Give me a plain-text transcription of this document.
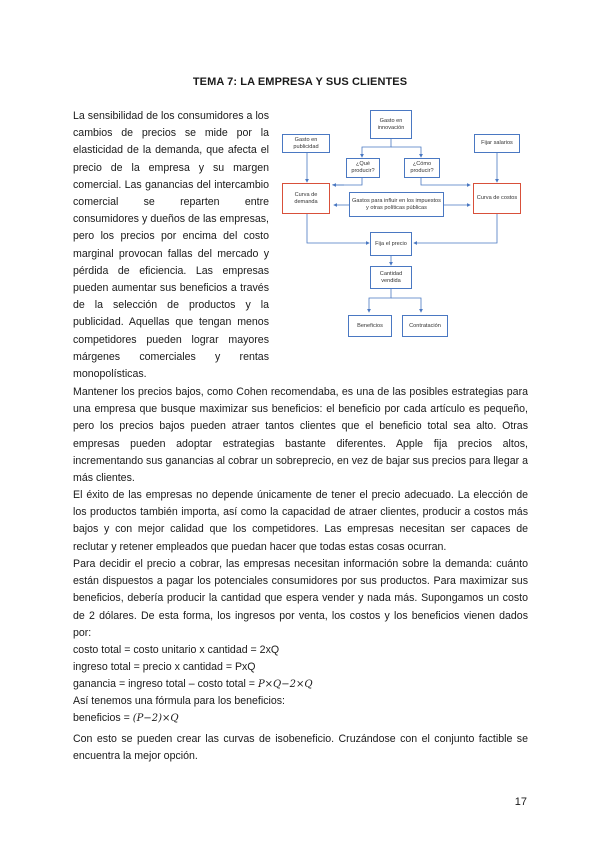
TEMA 7: LA EMPRESA Y SUS CLIENTES

La sensibilidad de los consumidores a los cambios de precios se mide por la elasticidad de la demanda, que afecta el precio de la empresa y su margen comercial. Las ganancias del intercambio comercial se reparten entre consumidores y dueños de las empresas, pero los precios por encima del costo marginal provocan fallas del mercado y pérdida de eficiencia. Las empresas pueden aumentar sus beneficios a través de la selección de productos y la publicidad. Aquellas que tengan menos competidores pueden lograr mayores márgenes comerciales y rentas monopolísticas.

Gasto en innovación
Gasto en publicidad
¿Qué producir?
¿Cómo producir?
Fijar salarios
Curva de demanda	Gastos para influir en los impuestos y otras políticas públicas
Curva de costos
Fija el precio
Cantidad vendida
Beneficios	Contratación

Mantener los precios bajos, como Cohen recomendaba, es una de las posibles estrategias para una empresa que busque maximizar sus beneficios: el beneficio por cada artículo es pequeño, pero los precios bajos pueden atraer tantos clientes que el beneficio total sea alto. Otras empresas pueden adoptar estrategias bastante diferentes. Apple fija precios altos, incrementando sus ganancias al cobrar un sobreprecio, en vez de bajar sus precios para llegar a más clientes.

El éxito de las empresas no depende únicamente de tener el precio adecuado. La elección de los productos también importa, así como la capacidad de atraer clientes, producir a costos más bajos y con mejor calidad que los competidores. Las empresas necesitan ser capaces de reclutar y retener empleados que puedan hacer que todas estas cosas ocurran.

Para decidir el precio a cobrar, las empresas necesitan información sobre la demanda: cuánto están dispuestos a pagar los potenciales consumidores por sus productos. Para maximizar sus beneficios, debería producir la cantidad que espera vender y nada más. Supongamos un costo de 2 dólares. De esta forma, los ingresos por venta, los costos y los beneficios vienen dados por:

costo total = costo unitario x cantidad = 2xQ
ingreso total = precio x cantidad = PxQ
ganancia = ingreso total – costo total = P×Q−2×Q
Así tenemos una fórmula para los beneficios:
beneficios = (P−2)×Q

Con esto se pueden crear las curvas de isobeneficio. Cruzándose con el conjunto factible se encuentra la mejor opción.

17
